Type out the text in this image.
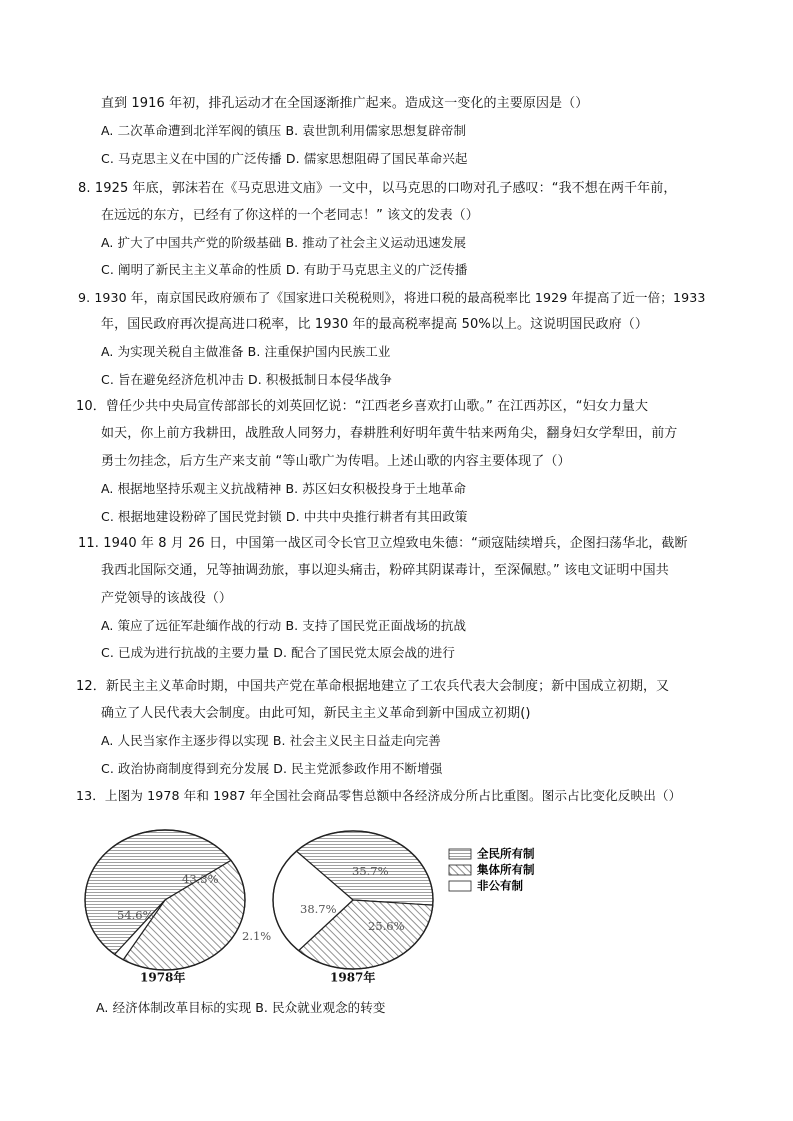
直到 1916 年初，排孔运动才在全国逐渐推广起来。造成这一变化的主要原因是（）
A. 二次革命遭到北洋军阀的镇压 B. 袁世凯利用儒家思想复辟帝制
C. 马克思主义在中国的广泛传播 D. 儒家思想阻碍了国民革命兴起
8. 1925 年底，郭沫若在《马克思进文庙》一文中，以马克思的口吻对孔子感叹：“我不想在两千年前，
在远远的东方，已经有了你这样的一个老同志！” 该文的发表（）
A. 扩大了中国共产党的阶级基础 B. 推动了社会主义运动迅速发展
C. 阐明了新民主主义革命的性质 D. 有助于马克思主义的广泛传播
9. 1930 年，南京国民政府颁布了《国家进口关税税则》，将进口税的最高税率比 1929 年提高了近一倍；1933
年，国民政府再次提高进口税率，比 1930 年的最高税率提高 50%以上。这说明国民政府（）
A. 为实现关税自主做准备 B. 注重保护国内民族工业
C. 旨在避免经济危机冲击 D. 积极抵制日本侵华战争
10．曾任少共中央局宣传部部长的刘英回忆说：“江西老乡喜欢打山歌。” 在江西苏区，“妇女力量大
如天，你上前方我耕田，战胜敌人同努力，春耕胜利好明年黄牛牯来两角尖，翻身妇女学犁田，前方
勇士勿挂念，后方生产来支前 “等山歌广为传唱。上述山歌的内容主要体现了（）
A. 根据地坚持乐观主义抗战精神 B. 苏区妇女积极投身于土地革命
C. 根据地建设粉碎了国民党封锁 D. 中共中央推行耕者有其田政策
11. 1940 年 8 月 26 日，中国第一战区司令长官卫立煌致电朱德：“顽寇陆续增兵，企图扫荡华北，截断
我西北国际交通，兄等抽调劲旅，事以迎头痛击，粉碎其阴谋毒计，至深佩慰。” 该电文证明中国共
产党领导的该战役（）
A. 策应了远征军赴缅作战的行动 B. 支持了国民党正面战场的抗战
C. 已成为进行抗战的主要力量 D. 配合了国民党太原会战的进行
12．新民主主义革命时期，中国共产党在革命根据地建立了工农兵代表大会制度；新中国成立初期，又
确立了人民代表大会制度。由此可知，新民主主义革命到新中国成立初期()
A. 人民当家作主逐步得以实现 B. 社会主义民主日益走向完善
C. 政治协商制度得到充分发展 D. 民主党派参政作用不断增强
13．上图为 1978 年和 1987 年全国社会商品零售总额中各经济成分所占比重图。图示占比变化反映出（）
1978年	1987年
54.6%
43.3%
2.1%
38.7%
35.7%
25.6%
全民所有制
集体所有制
非公有制
A. 经济体制改革目标的实现 B. 民众就业观念的转变
